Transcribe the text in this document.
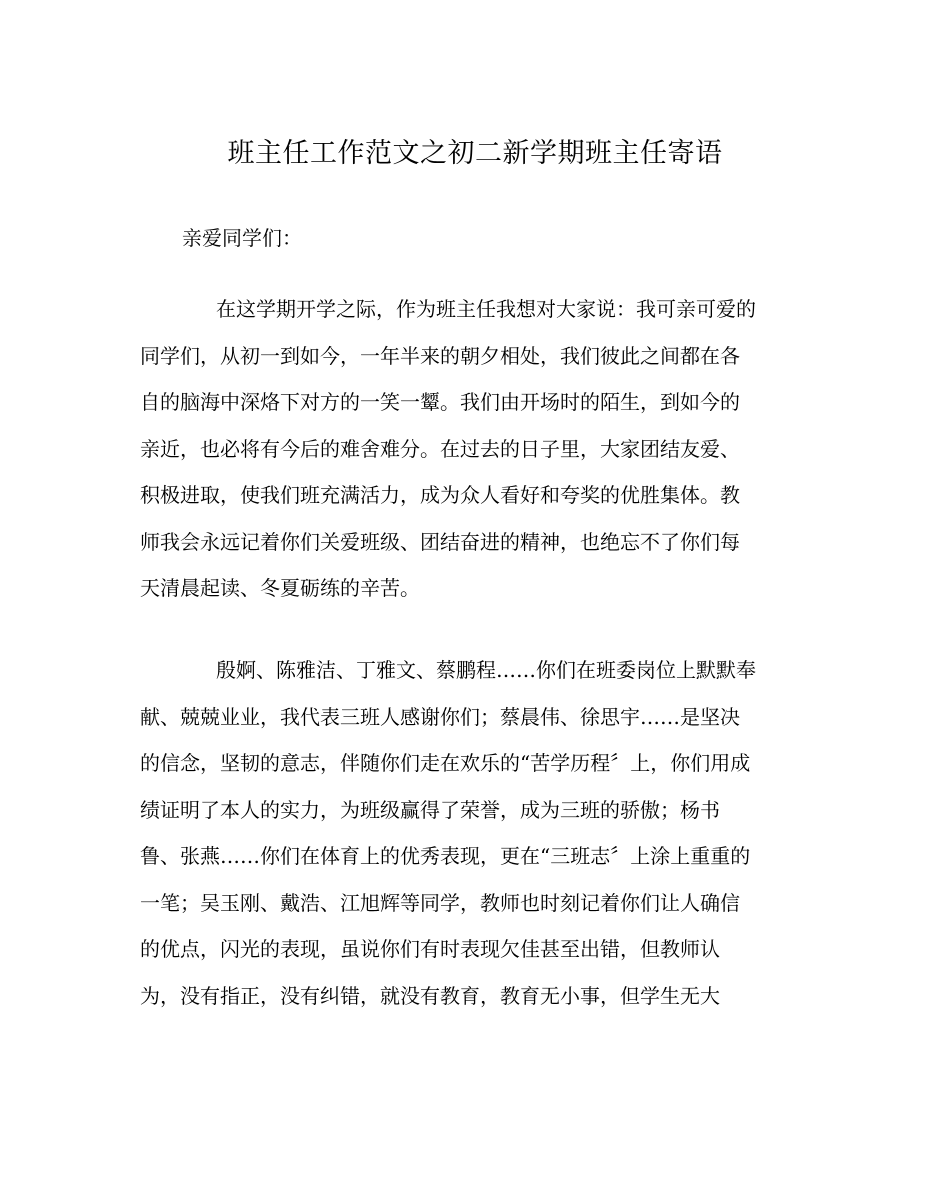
班主任工作范文之初二新学期班主任寄语
亲爱同学们：
在这学期开学之际，作为班主任我想对大家说：我可亲可爱的
同学们，从初一到如今，一年半来的朝夕相处，我们彼此之间都在各
自的脑海中深烙下对方的一笑一颦。我们由开场时的陌生，到如今的
亲近，也必将有今后的难舍难分。在过去的日子里，大家团结友爱、
积极进取，使我们班充满活力，成为众人看好和夸奖的优胜集体。教
师我会永远记着你们关爱班级、团结奋进的精神，也绝忘不了你们每
天清晨起读、冬夏砺练的辛苦。
殷婀、陈雅洁、丁雅文、蔡鹏程……你们在班委岗位上默默奉
献、兢兢业业，我代表三班人感谢你们；蔡晨伟、徐思宇……是坚决
的信念，坚韧的意志，伴随你们走在欢乐的“苦学历程〞上，你们用成
绩证明了本人的实力，为班级赢得了荣誉，成为三班的骄傲；杨书
鲁、张燕……你们在体育上的优秀表现，更在“三班志〞上涂上重重的
一笔；吴玉刚、戴浩、江旭辉等同学，教师也时刻记着你们让人确信
的优点，闪光的表现，虽说你们有时表现欠佳甚至出错，但教师认
为，没有指正，没有纠错，就没有教育，教育无小事，但学生无大
